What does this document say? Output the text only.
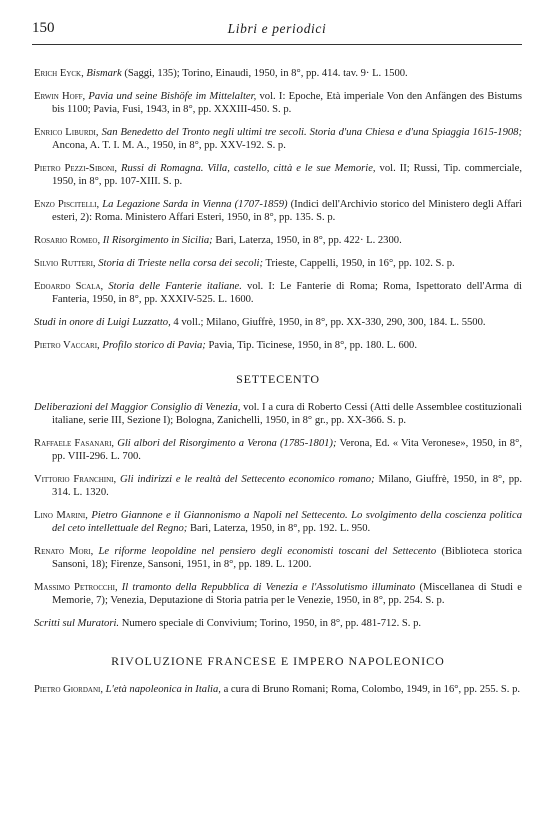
150	Libri e periodici

Erich Eyck, Bismark (Saggi, 135); Torino, Einaudi, 1950, in 8°, pp. 414. tav. 9· L. 1500.

Erwin Hoff, Pavia und seine Bishöfe im Mittelalter, vol. I: Epoche, Età imperiale Von den Anfängen des Bistums bis 1100; Pavia, Fusi, 1943, in 8°, pp. XXXIII-450. S. p.

Enrico Liburdi, San Benedetto del Tronto negli ultimi tre secoli. Storia d'una Chiesa e d'una Spiaggia 1615-1908; Ancona, A. T. I. M. A., 1950, in 8°, pp. XXV-192. S. p.

Pietro Pezzi-Siboni, Russi di Romagna. Villa, castello, città e le sue Memorie, vol. II; Russi, Tip. commerciale, 1950, in 8°, pp. 107-XIII. S. p.

Enzo Piscitelli, La Legazione Sarda in Vienna (1707-1859) (Indici dell'Archivio storico del Ministero degli Affari esteri, 2): Roma. Ministero Affari Esteri, 1950, in 8°, pp. 135. S. p.

Rosario Romeo, Il Risorgimento in Sicilia; Bari, Laterza, 1950, in 8°, pp. 422· L. 2300.

Silvio Rutteri, Storia di Trieste nella corsa dei secoli; Trieste, Cappelli, 1950, in 16°, pp. 102. S. p.

Edoardo Scala, Storia delle Fanterie italiane. vol. I: Le Fanterie di Roma; Roma, Ispettorato dell'Arma di Fanteria, 1950, in 8°, pp. XXXIV-525. L. 1600.

Studi in onore di Luigi Luzzatto, 4 voll.; Milano, Giuffrè, 1950, in 8°, pp. XX-330, 290, 300, 184. L. 5500.

Pietro Vaccari, Profilo storico di Pavia; Pavia, Tip. Ticinese, 1950, in 8°, pp. 180. L. 600.

SETTECENTO

Deliberazioni del Maggior Consiglio di Venezia, vol. I a cura di Roberto Cessi (Atti delle Assemblee costituzionali italiane, serie III, Sezione I); Bologna, Zanichelli, 1950, in 8° gr., pp. XX-366. S. p.

Raffaele Fasanari, Gli albori del Risorgimento a Verona (1785-1801); Verona, Ed. « Vita Veronese», 1950, in 8°, pp. VIII-296. L. 700.

Vittorio Franchini, Gli indirizzi e le realtà del Settecento economico romano; Milano, Giuffrè, 1950, in 8°, pp. 314. L. 1320.

Lino Marini, Pietro Giannone e il Giannonismo a Napoli nel Settecento. Lo svolgimento della coscienza politica del ceto intellettuale del Regno; Bari, Laterza, 1950, in 8°, pp. 192. L. 950.

Renato Mori, Le riforme leopoldine nel pensiero degli economisti toscani del Settecento (Biblioteca storica Sansoni, 18); Firenze, Sansoni, 1951, in 8°, pp. 189. L. 1200.

Massimo Petrocchi, Il tramonto della Repubblica di Venezia e l'Assolutismo illuminato (Miscellanea di Studi e Memorie, 7); Venezia, Deputazione di Storia patria per le Venezie, 1950, in 8°, pp. 254. S. p.

Scritti sul Muratori. Numero speciale di Convivium; Torino, 1950, in 8°, pp. 481-712. S. p.

RIVOLUZIONE FRANCESE E IMPERO NAPOLEONICO

Pietro Giordani, L'età napoleonica in Italia, a cura di Bruno Romani; Roma, Colombo, 1949, in 16°, pp. 255. S. p.
